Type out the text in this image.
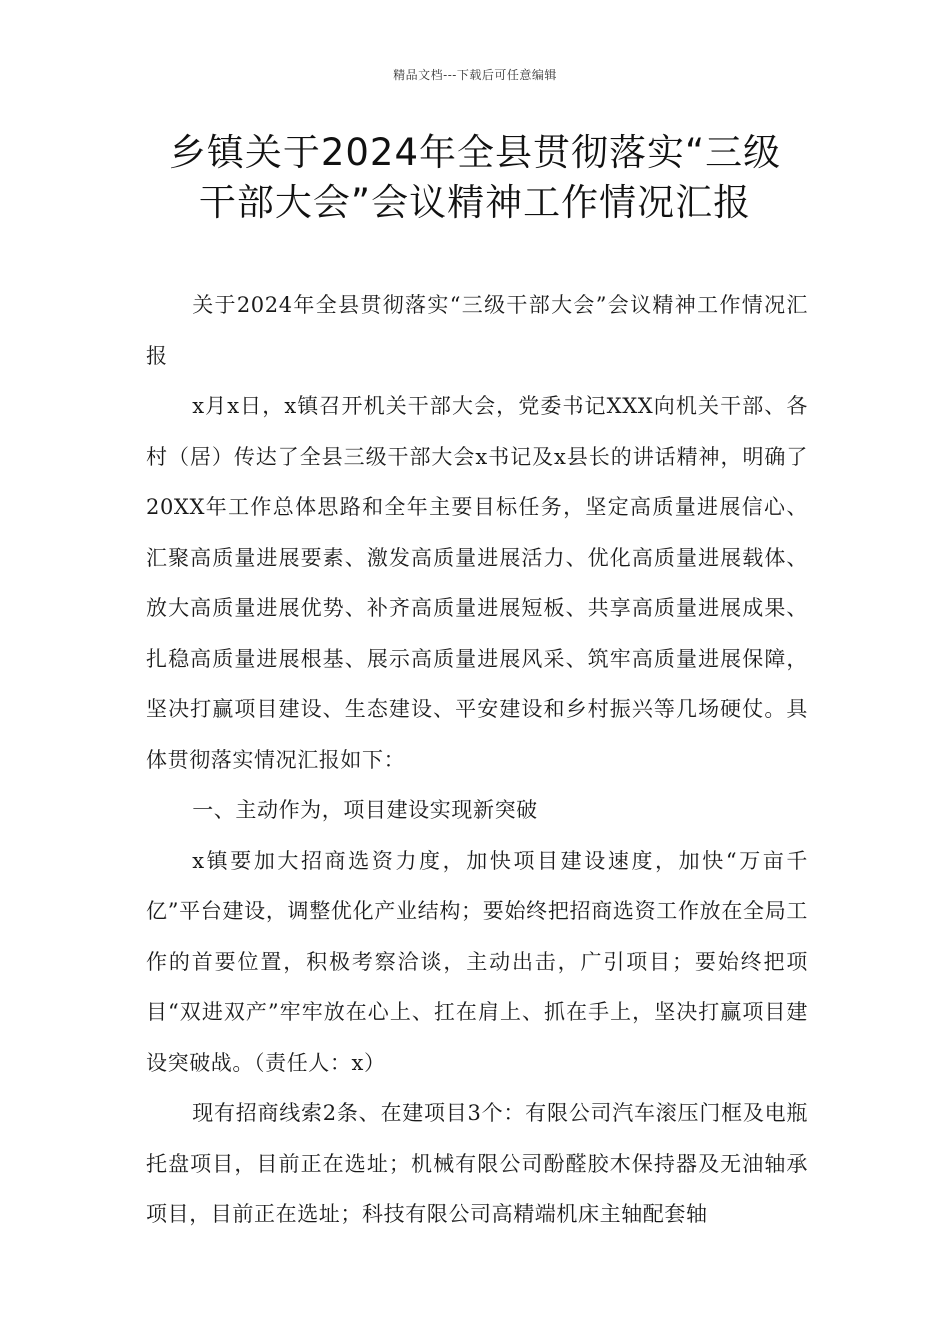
精品文档---下载后可任意编辑
乡镇关于2024年全县贯彻落实“三级
干部大会”会议精神工作情况汇报

关于2024年全县贯彻落实“三级干部大会”会议精神工作情况汇报

x月x日，x镇召开机关干部大会，党委书记XXX向机关干部、各村（居）传达了全县三级干部大会x书记及x县长的讲话精神，明确了20XX年工作总体思路和全年主要目标任务，坚定高质量进展信心、汇聚高质量进展要素、激发高质量进展活力、优化高质量进展载体、放大高质量进展优势、补齐高质量进展短板、共享高质量进展成果、扎稳高质量进展根基、展示高质量进展风采、筑牢高质量进展保障，坚决打赢项目建设、生态建设、平安建设和乡村振兴等几场硬仗。具体贯彻落实情况汇报如下：

一、主动作为，项目建设实现新突破

x镇要加大招商选资力度，加快项目建设速度，加快“万亩千亿”平台建设，调整优化产业结构；要始终把招商选资工作放在全局工作的首要位置，积极考察洽谈，主动出击，广引项目；要始终把项目“双进双产”牢牢放在心上、扛在肩上、抓在手上，坚决打赢项目建设突破战。（责任人：x）

现有招商线索2条、在建项目3个：有限公司汽车滚压门框及电瓶托盘项目，目前正在选址；机械有限公司酚醛胶木保持器及无油轴承项目，目前正在选址；科技有限公司高精端机床主轴配套轴
